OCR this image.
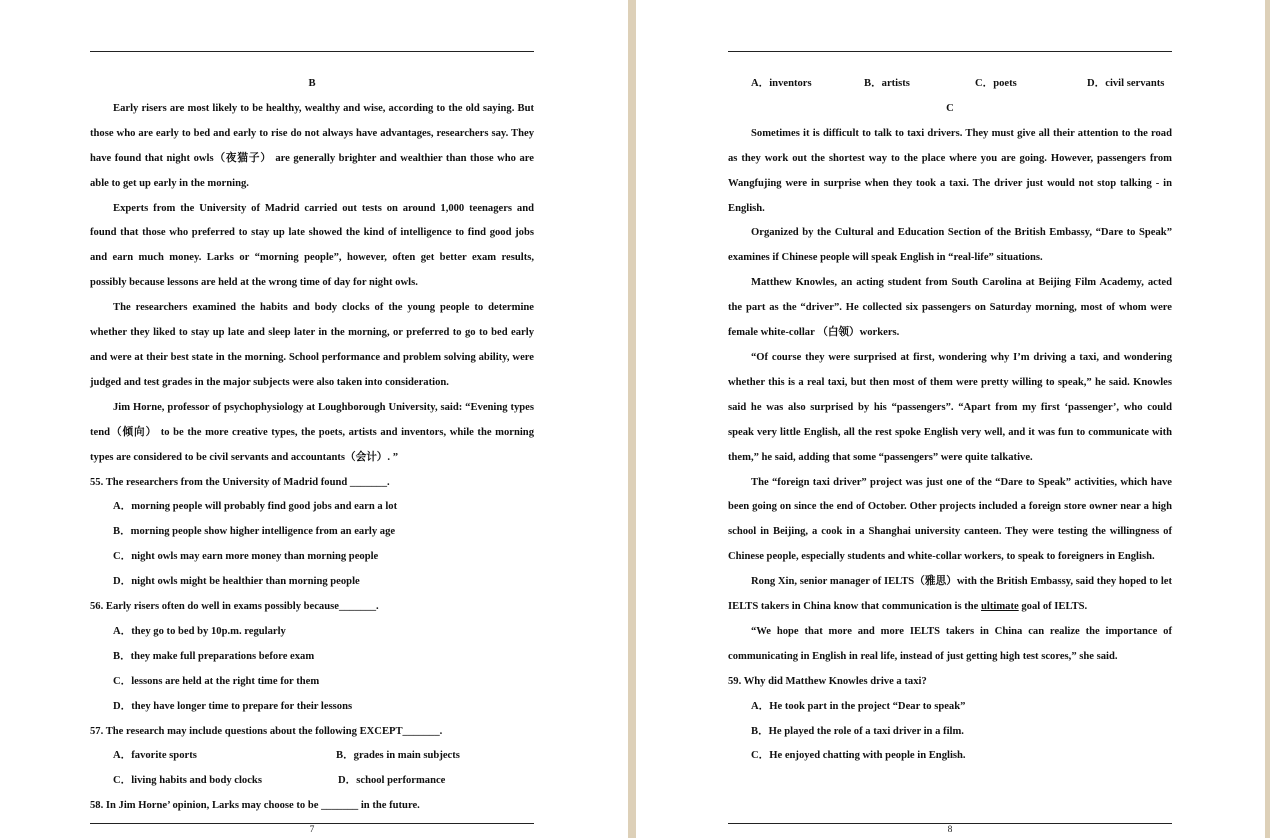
7	8

B

Early risers are most likely to be healthy, wealthy and wise, according to the old saying. But those who are early to bed and early to rise do not always have advantages, researchers say. They have found that night owls（夜猫子） are generally brighter and wealthier than those who are able to get up early in the morning.

Experts from the University of Madrid carried out tests on around 1,000 teenagers and found that those who preferred to stay up late showed the kind of intelligence to find good jobs and earn much money. Larks or “morning people”, however, often get better exam results, possibly because lessons are held at the wrong time of day for night owls.

The researchers examined the habits and body clocks of the young people to determine whether they liked to stay up late and sleep later in the morning, or preferred to go to bed early and were at their best state in the morning. School performance and problem solving ability, were judged and test grades in the major subjects were also taken into consideration.

Jim Horne, professor of psychophysiology at Loughborough University, said: “Evening types tend（倾向） to be the more creative types, the poets, artists and inventors, while the morning types are considered to be civil servants and accountants（会计）. ”

55. The researchers from the University of Madrid found _______.

A．morning people will probably find good jobs and earn a lot

B．morning people show higher intelligence from an early age

C．night owls may earn more money than morning people

D．night owls might be healthier than morning people

56. Early risers often do well in exams possibly because_______.

A．they go to bed by 10p.m. regularly

B．they make full preparations before exam

C．lessons are held at the right time for them

D．they have longer time to prepare for their lessons

57. The research may include questions about the following EXCEPT_______.

A．favorite sports	B．grades in main subjects
C．living habits and body clocks	D．school performance

58. In Jim Horne’ opinion, Larks may choose to be _______ in the future.

A．inventors	B．artists	C．poets	D．civil servants

C

Sometimes it is difficult to talk to taxi drivers. They must give all their attention to the road as they work out the shortest way to the place where you are going. However, passengers from Wangfujing were in surprise when they took a taxi. The driver just would not stop talking - in English.

Organized by the Cultural and Education Section of the British Embassy, “Dare to Speak” examines if Chinese people will speak English in “real-life” situations.

Matthew Knowles, an acting student from South Carolina at Beijing Film Academy, acted the part as the “driver”. He collected six passengers on Saturday morning, most of whom were female white-collar （白领）workers.

“Of course they were surprised at first, wondering why I’m driving a taxi, and wondering whether this is a real taxi, but then most of them were pretty willing to speak,” he said. Knowles said he was also surprised by his “passengers”. “Apart from my first ‘passenger’, who could speak very little English, all the rest spoke English very well, and it was fun to communicate with them,” he said, adding that some “passengers” were quite talkative.

The “foreign taxi driver” project was just one of the “Dare to Speak” activities, which have been going on since the end of October. Other projects included a foreign store owner near a high school in Beijing, a cook in a Shanghai university canteen. They were testing the willingness of Chinese people, especially students and white-collar workers, to speak to foreigners in English.

Rong Xin, senior manager of IELTS（雅思）with the British Embassy, said they hoped to let IELTS takers in China know that communication is the ultimate goal of IELTS.

“We hope that more and more IELTS takers in China can realize the importance of communicating in English in real life, instead of just getting high test scores,” she said.

59. Why did Matthew Knowles drive a taxi?

A．He took part in the project “Dear to speak”

B．He played the role of a taxi driver in a film.

C．He enjoyed chatting with people in English.
